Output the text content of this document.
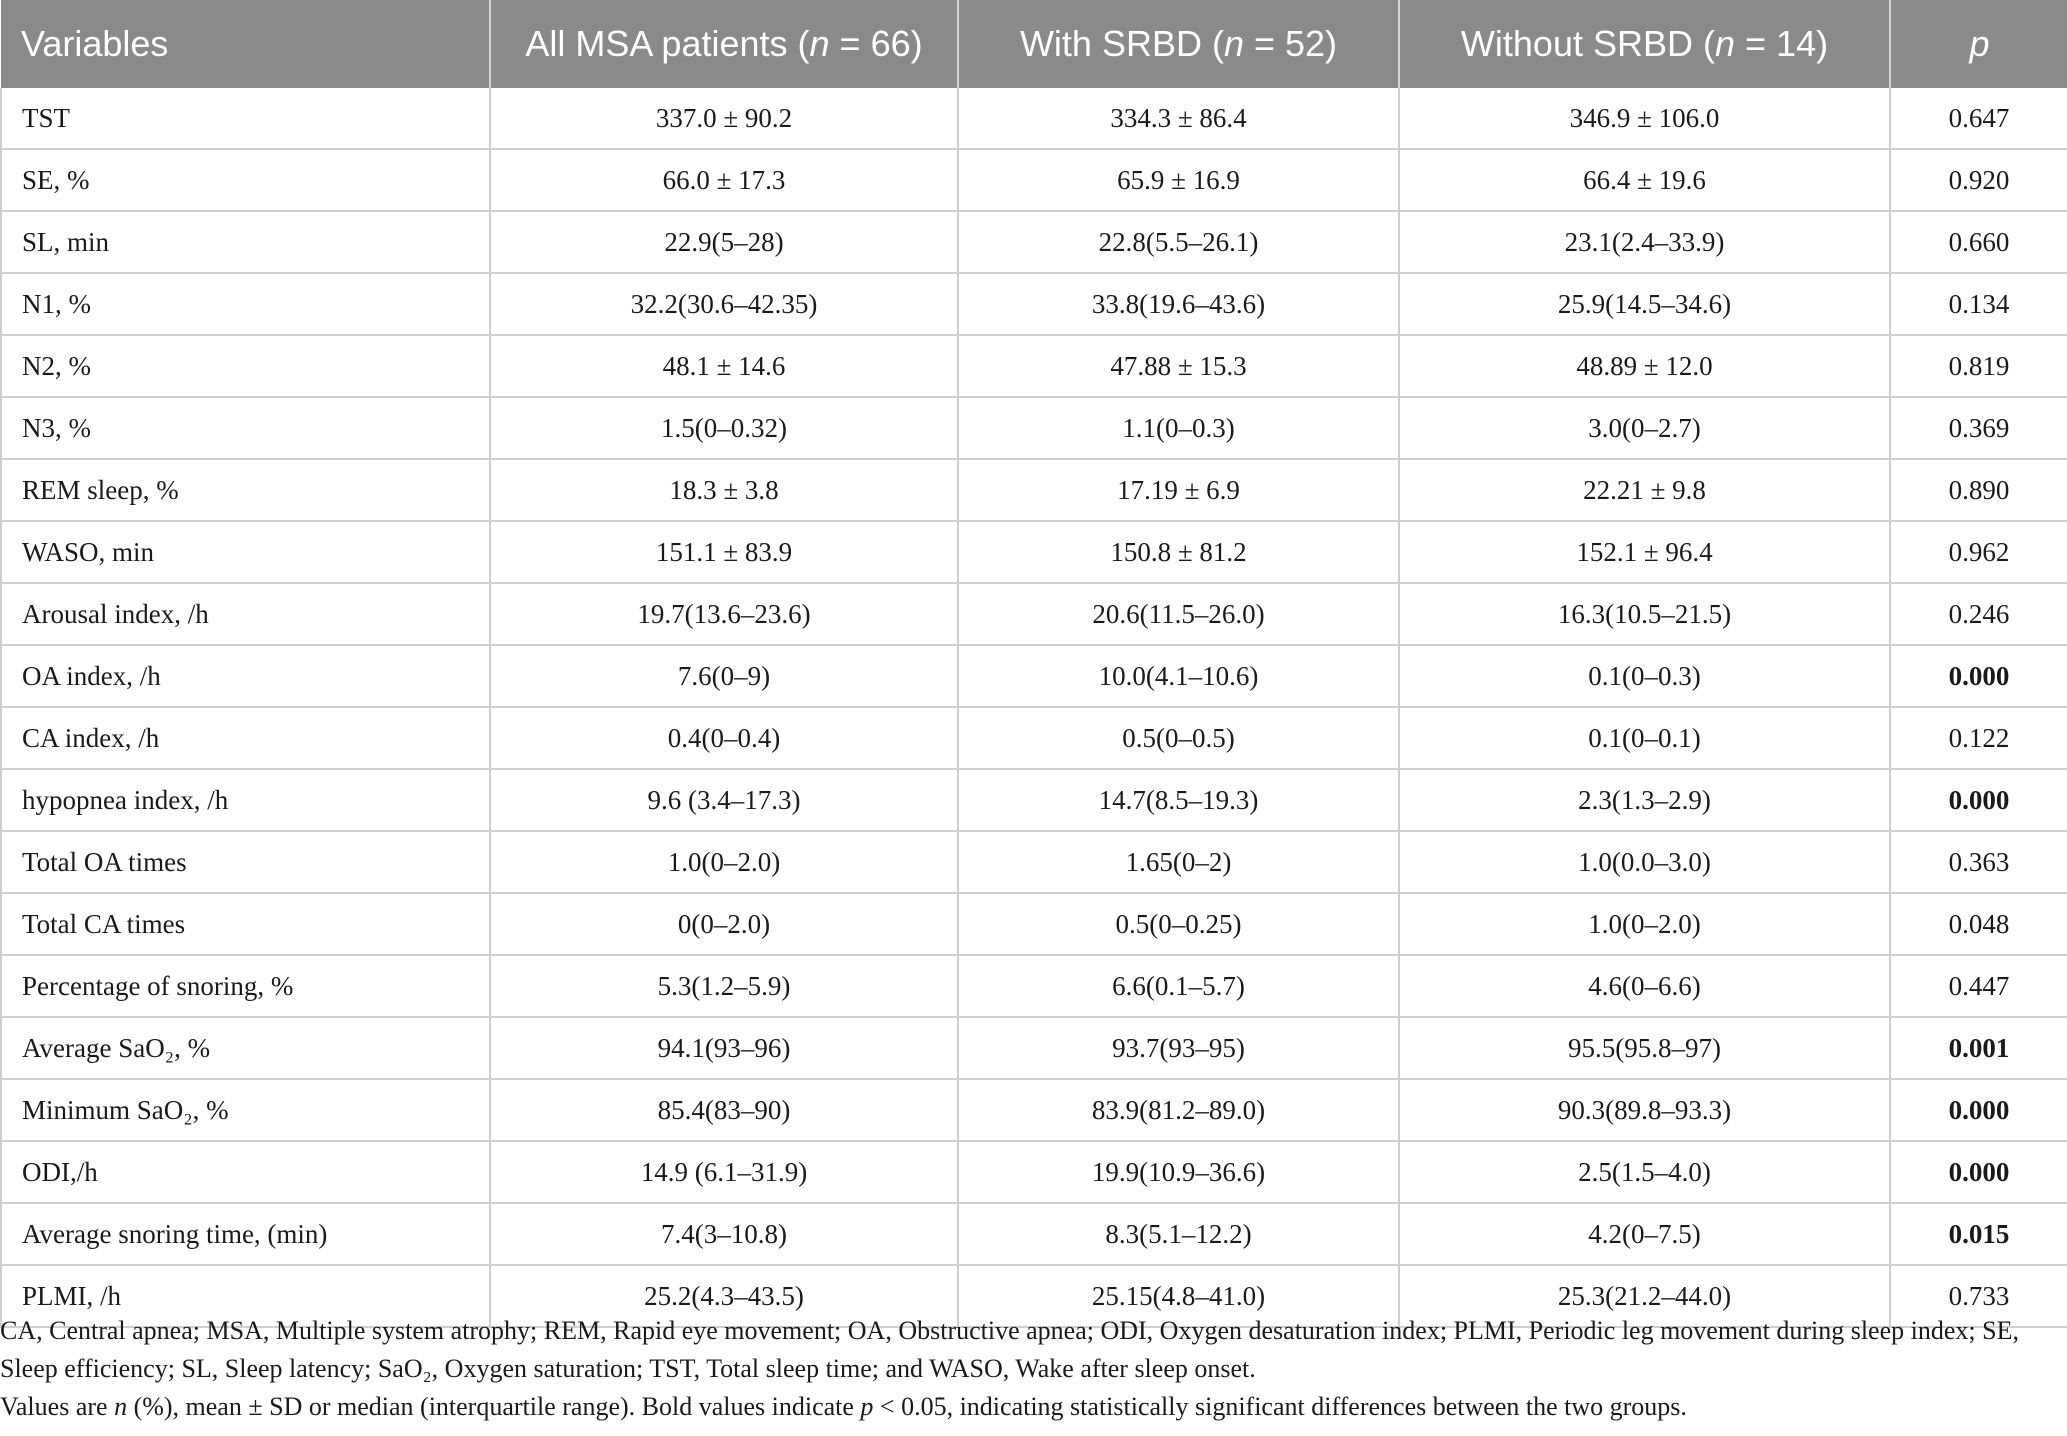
Variables	All MSA patients (n = 66)	With SRBD (n = 52)	Without SRBD (n = 14)	p
TST	337.0 ± 90.2	334.3 ± 86.4	346.9 ± 106.0	0.647
SE, %	66.0 ± 17.3	65.9 ± 16.9	66.4 ± 19.6	0.920
SL, min	22.9(5–28)	22.8(5.5–26.1)	23.1(2.4–33.9)	0.660
N1, %	32.2(30.6–42.35)	33.8(19.6–43.6)	25.9(14.5–34.6)	0.134
N2, %	48.1 ± 14.6	47.88 ± 15.3	48.89 ± 12.0	0.819
N3, %	1.5(0–0.32)	1.1(0–0.3)	3.0(0–2.7)	0.369
REM sleep, %	18.3 ± 3.8	17.19 ± 6.9	22.21 ± 9.8	0.890
WASO, min	151.1 ± 83.9	150.8 ± 81.2	152.1 ± 96.4	0.962
Arousal index, /h	19.7(13.6–23.6)	20.6(11.5–26.0)	16.3(10.5–21.5)	0.246
OA index, /h	7.6(0–9)	10.0(4.1–10.6)	0.1(0–0.3)	0.000
CA index, /h	0.4(0–0.4)	0.5(0–0.5)	0.1(0–0.1)	0.122
hypopnea index, /h	9.6 (3.4–17.3)	14.7(8.5–19.3)	2.3(1.3–2.9)	0.000
Total OA times	1.0(0–2.0)	1.65(0–2)	1.0(0.0–3.0)	0.363
Total CA times	0(0–2.0)	0.5(0–0.25)	1.0(0–2.0)	0.048
Percentage of snoring, %	5.3(1.2–5.9)	6.6(0.1–5.7)	4.6(0–6.6)	0.447
Average SaO₂, %	94.1(93–96)	93.7(93–95)	95.5(95.8–97)	0.001
Minimum SaO₂, %	85.4(83–90)	83.9(81.2–89.0)	90.3(89.8–93.3)	0.000
ODI,/h	14.9 (6.1–31.9)	19.9(10.9–36.6)	2.5(1.5–4.0)	0.000
Average snoring time, (min)	7.4(3–10.8)	8.3(5.1–12.2)	4.2(0–7.5)	0.015
PLMI, /h	25.2(4.3–43.5)	25.15(4.8–41.0)	25.3(21.2–44.0)	0.733

CA, Central apnea; MSA, Multiple system atrophy; REM, Rapid eye movement; OA, Obstructive apnea; ODI, Oxygen desaturation index; PLMI, Periodic leg movement during sleep index; SE, Sleep efficiency; SL, Sleep latency; SaO₂, Oxygen saturation; TST, Total sleep time; and WASO, Wake after sleep onset.

Values are n (%), mean ± SD or median (interquartile range). Bold values indicate p < 0.05, indicating statistically significant differences between the two groups.
